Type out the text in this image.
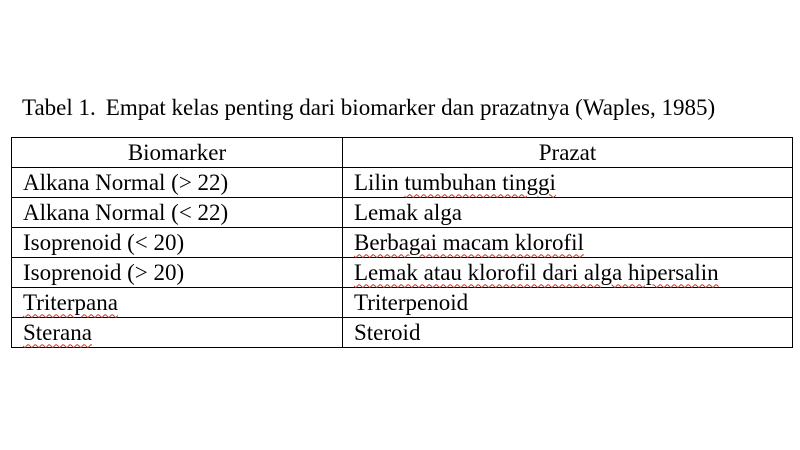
Tabel 1. Empat kelas penting dari biomarker dan prazatnya (Waples, 1985)
Biomarker	Prazat
Alkana Normal (> 22)	Lilin tumbuhan tinggi
Alkana Normal (< 22)	Lemak alga
Isoprenoid (< 20)	Berbagai macam klorofil
Isoprenoid (> 20)	Lemak atau klorofil dari alga hipersalin
Triterpana	Triterpenoid
Sterana	Steroid
